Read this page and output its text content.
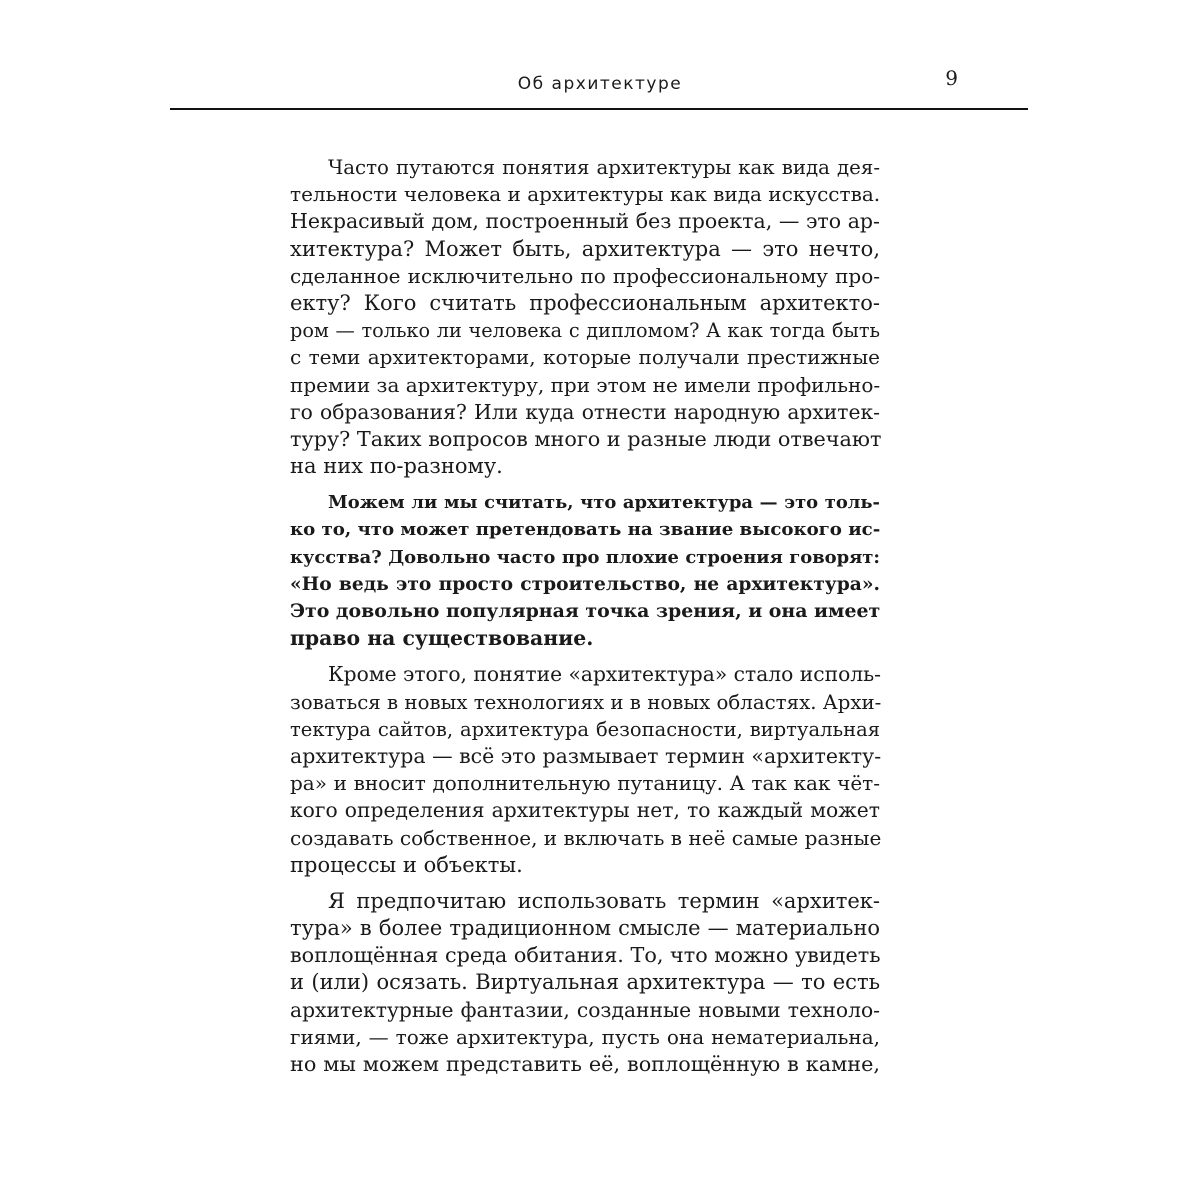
Об архитектуре	9
Часто путаются понятия архитектуры как вида дея-
тельности человека и архитектуры как вида искусства.
Некрасивый дом, построенный без проекта, — это ар-
хитектура? Может быть, архитектура — это нечто,
сделанное исключительно по профессиональному про-
екту? Кого считать профессиональным архитекто-
ром — только ли человека с дипломом? А как тогда быть
с теми архитекторами, которые получали престижные
премии за архитектуру, при этом не имели профильно-
го образования? Или куда отнести народную архитек-
туру? Таких вопросов много и разные люди отвечают
на них по-разному.
Можем ли мы считать, что архитектура — это толь-
ко то, что может претендовать на звание высокого ис-
кусства? Довольно часто про плохие строения говорят:
«Но ведь это просто строительство, не архитектура».
Это довольно популярная точка зрения, и она имеет
право на существование.
Кроме этого, понятие «архитектура» стало исполь-
зоваться в новых технологиях и в новых областях. Архи-
тектура сайтов, архитектура безопасности, виртуальная
архитектура — всё это размывает термин «архитекту-
ра» и вносит дополнительную путаницу. А так как чёт-
кого определения архитектуры нет, то каждый может
создавать собственное, и включать в неё самые разные
процессы и объекты.
Я предпочитаю использовать термин «архитек-
тура» в более традиционном смысле — материально
воплощённая среда обитания. То, что можно увидеть
и (или) осязать. Виртуальная архитектура — то есть
архитектурные фантазии, созданные новыми техноло-
гиями, — тоже архитектура, пусть она нематериальна,
но мы можем представить её, воплощённую в камне,
